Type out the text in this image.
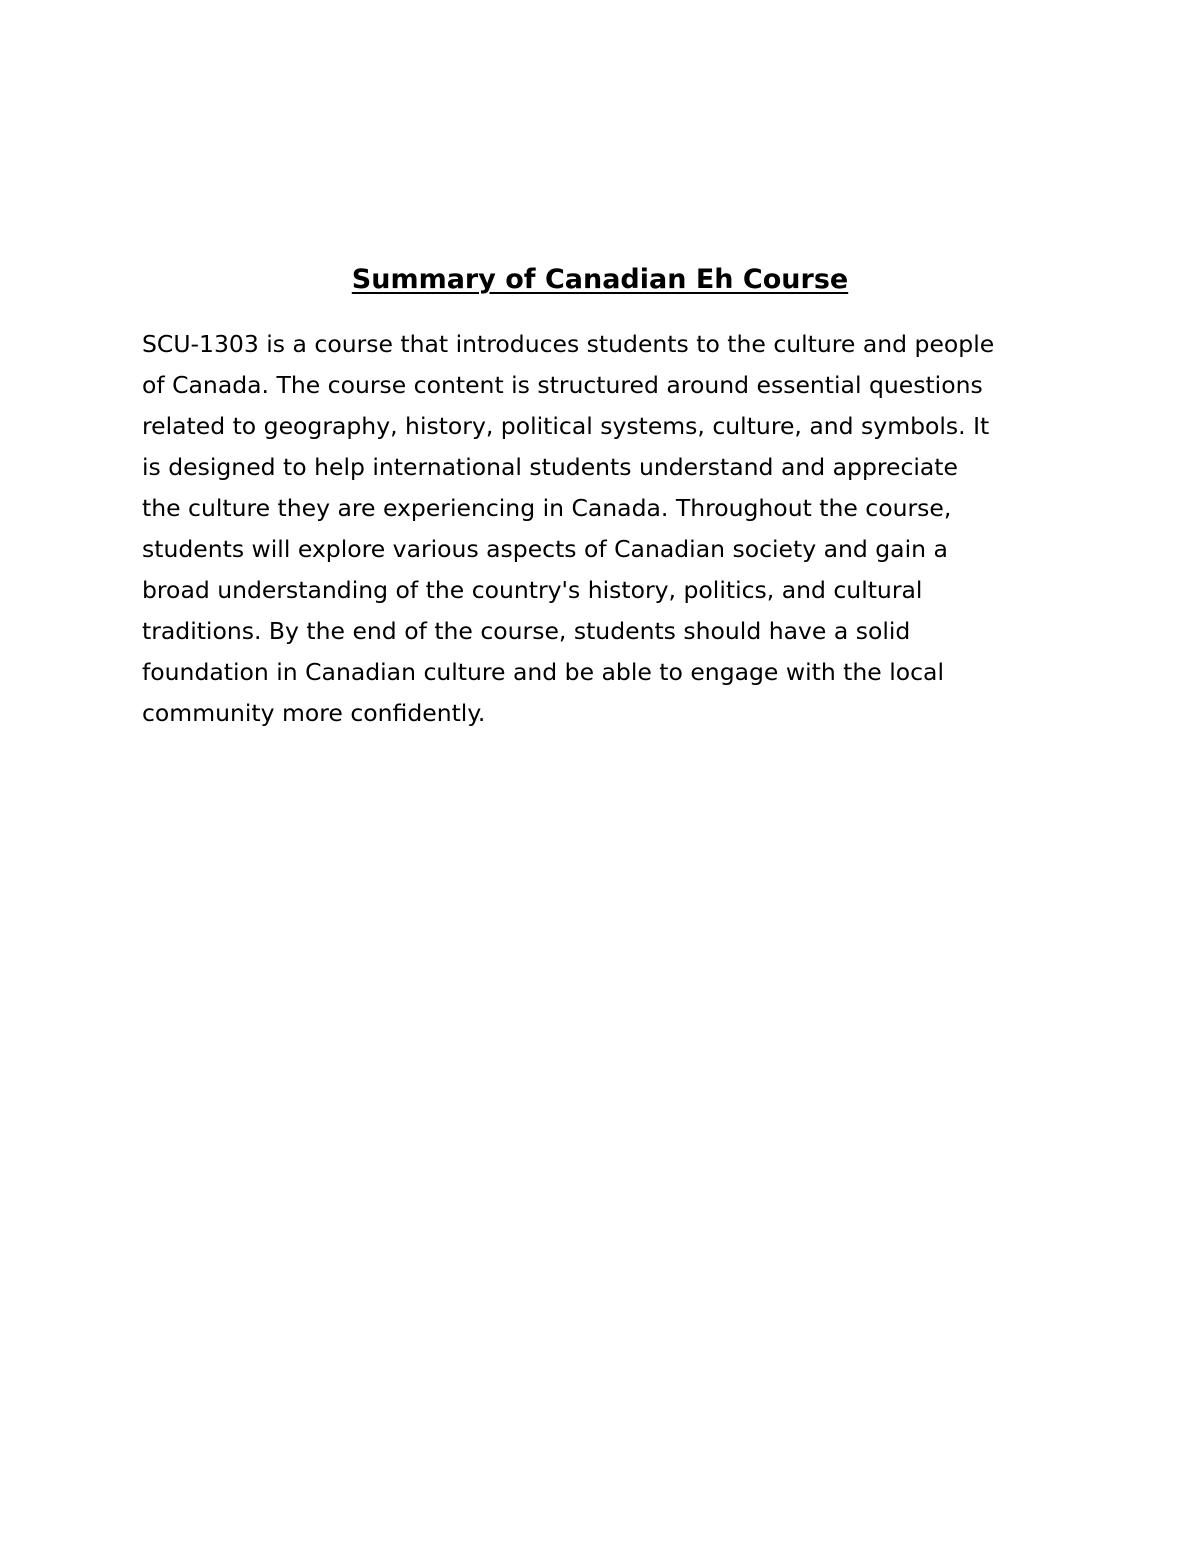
Summary of Canadian Eh Course

SCU-1303 is a course that introduces students to the culture and people
of Canada. The course content is structured around essential questions
related to geography, history, political systems, culture, and symbols. It
is designed to help international students understand and appreciate
the culture they are experiencing in Canada. Throughout the course,
students will explore various aspects of Canadian society and gain a
broad understanding of the country's history, politics, and cultural
traditions. By the end of the course, students should have a solid
foundation in Canadian culture and be able to engage with the local
community more confidently.
